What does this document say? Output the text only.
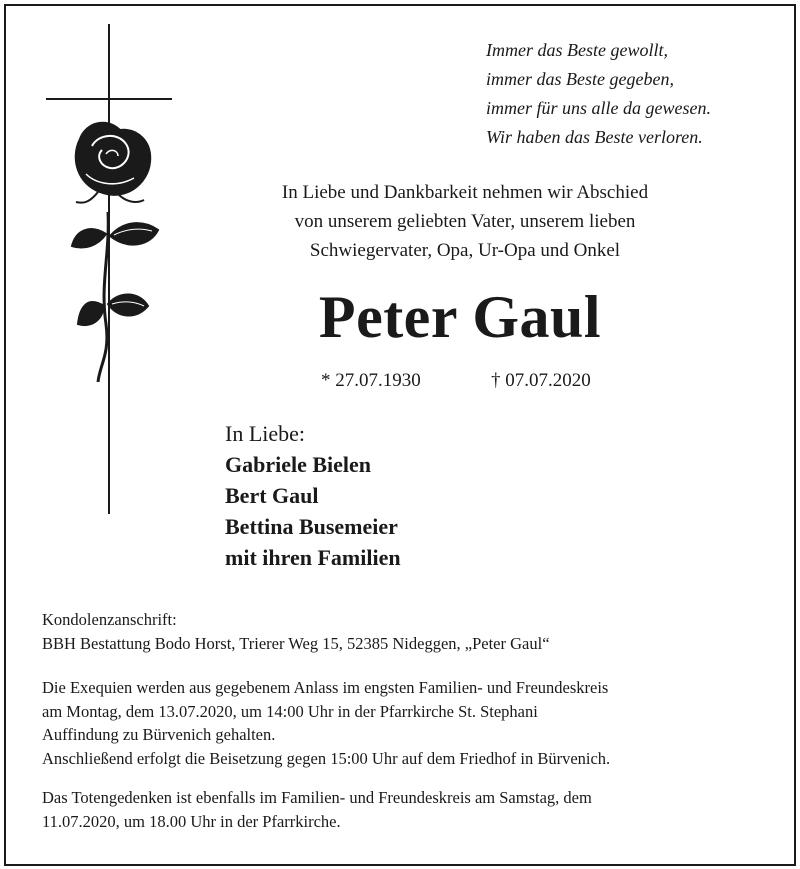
Immer das Beste gewollt,
immer das Beste gegeben,
immer für uns alle da gewesen.
Wir haben das Beste verloren.
In Liebe und Dankbarkeit nehmen wir Abschied
von unserem geliebten Vater, unserem lieben
Schwiegervater, Opa, Ur-Opa und Onkel
Peter Gaul
* 27.07.1930	† 07.07.2020
In Liebe:
Gabriele Bielen
Bert Gaul
Bettina Busemeier
mit ihren Familien
Kondolenzanschrift:
BBH Bestattung Bodo Horst, Trierer Weg 15, 52385 Nideggen, „Peter Gaul“
Die Exequien werden aus gegebenem Anlass im engsten Familien- und Freundeskreis
am Montag, dem 13.07.2020, um 14:00 Uhr in der Pfarrkirche St. Stephani
Auffindung zu Bürvenich gehalten.
Anschließend erfolgt die Beisetzung gegen 15:00 Uhr auf dem Friedhof in Bürvenich.
Das Totengedenken ist ebenfalls im Familien- und Freundeskreis am Samstag, dem
11.07.2020, um 18.00 Uhr in der Pfarrkirche.
